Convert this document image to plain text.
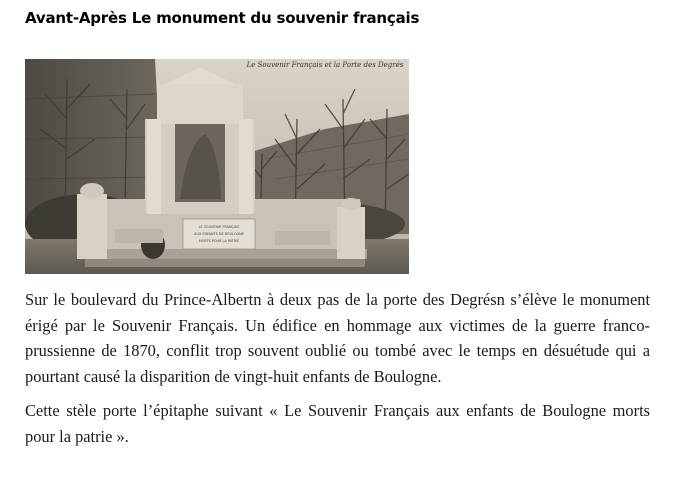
Avant-Après Le monument du souvenir français
LE SOUVENIR FRANÇAIS
AUX ENFANTS DE BOULOGNE
MORTS POUR LA PATRIE
Le Souvenir Français et la Porte des Degrés

Sur le boulevard du Prince-Albertn à deux pas de la porte des Degrésn s’élève le monument érigé par le Souvenir Français. Un édifice en hommage aux victimes de la guerre franco-prussienne de 1870, conflit trop souvent oublié ou tombé avec le temps en désuétude qui a pourtant causé la disparition de vingt-huit enfants de Boulogne.

Cette stèle porte l’épitaphe suivant « Le Souvenir Français aux enfants de Boulogne morts pour la patrie ».
